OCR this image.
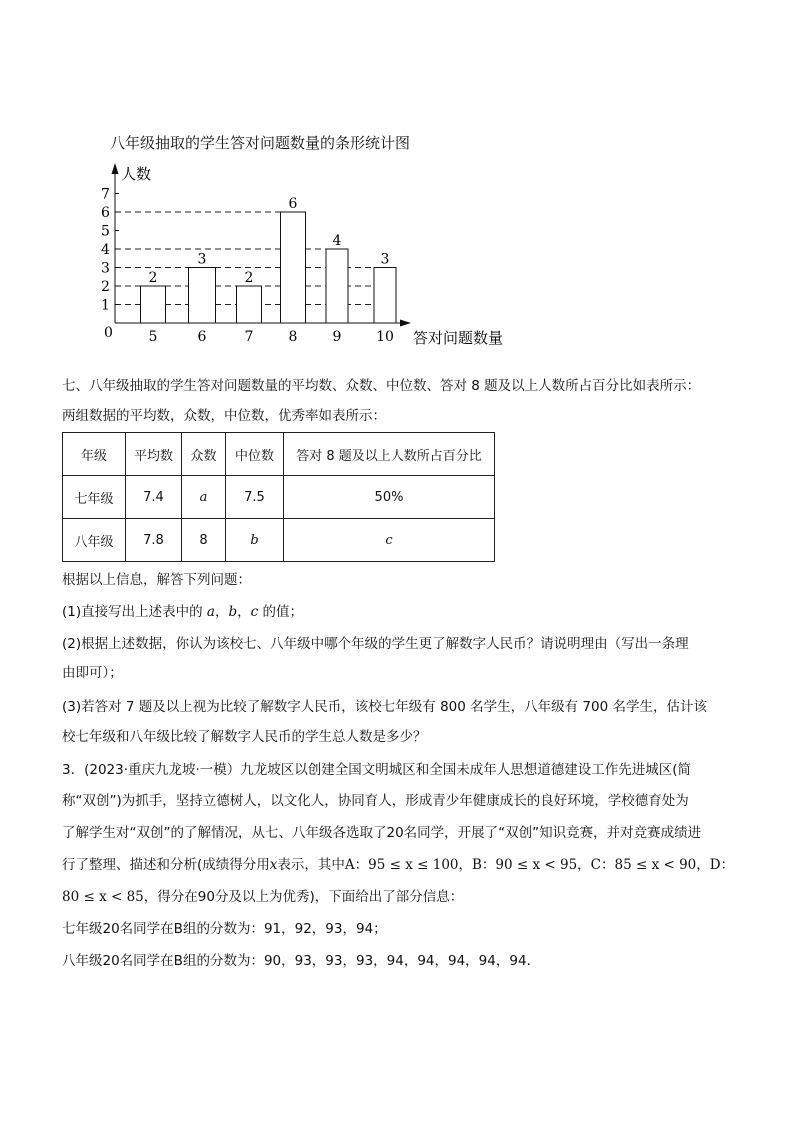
八年级抽取的学生答对问题数量的条形统计图
人数
答对问题数量
0
1
2
3
4
5
6
7
5	6	7	8	9 10
2
3
2
6
4
3
七、八年级抽取的学生答对问题数量的平均数、众数、中位数、答对 8 题及以上人数所占百分比如表所示：
两组数据的平均数，众数，中位数，优秀率如表所示：
年级	平均数	众数	中位数	答对 8 题及以上人数所占百分比
七年级	7.4	a	7.5	50%
八年级	7.8	8	b	c
根据以上信息，解答下列问题：
(1)直接写出上述表中的 a，b，c 的值；
(2)根据上述数据，你认为该校七、八年级中哪个年级的学生更了解数字人民币？请说明理由（写出一条理
由即可）；
(3)若答对 7 题及以上视为比较了解数字人民币，该校七年级有 800 名学生，八年级有 700 名学生，估计该
校七年级和八年级比较了解数字人民币的学生总人数是多少？
3．(2023·重庆九龙坡·一模）九龙坡区以创建全国文明城区和全国未成年人思想道德建设工作先进城区(简
称“双创”)为抓手，坚持立德树人，以文化人，协同育人，形成青少年健康成长的良好环境，学校德育处为
了解学生对“双创”的了解情况，从七、八年级各选取了20名同学，开展了“双创”知识竞赛，并对竞赛成绩进
行了整理、描述和分析(成绩得分用x表示，其中A：95 ≤ x ≤ 100，B：90 ≤ x < 95，C：85 ≤ x < 90，D：
80 ≤ x < 85，得分在90分及以上为优秀)，下面给出了部分信息：
七年级20名同学在B组的分数为：91，92，93，94；
八年级20名同学在B组的分数为：90，93，93，93，94，94，94，94，94.
